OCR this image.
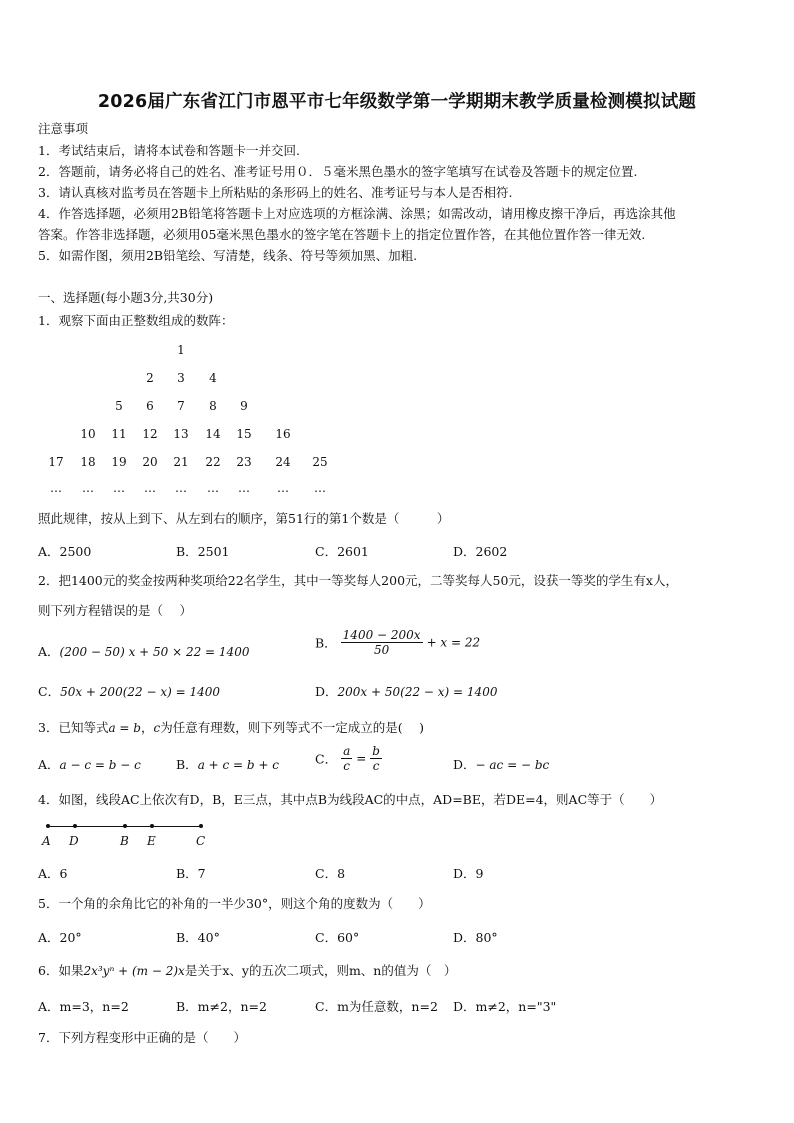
2026届广东省江门市恩平市七年级数学第一学期期末教学质量检测模拟试题
注意事项
1．考试结束后，请将本试卷和答题卡一并交回.
2．答题前，请务必将自己的姓名、准考证号用０．５毫米黑色墨水的签字笔填写在试卷及答题卡的规定位置.
3．请认真核对监考员在答题卡上所粘贴的条形码上的姓名、准考证号与本人是否相符.
4．作答选择题，必须用2B铅笔将答题卡上对应选项的方框涂满、涂黑；如需改动，请用橡皮擦干净后，再选涂其他
答案。作答非选择题，必须用05毫米黑色墨水的签字笔在答题卡上的指定位置作答，在其他位置作答一律无效.
5．如需作图，须用2B铅笔绘、写清楚，线条、符号等须加黑、加粗.
一、选择题(每小题3分,共30分)
1．观察下面由正整数组成的数阵：
1
2	3	4
5	6	7	8	9
10	11	12	13	14	15	16
17	18	19	20	21	22	23	24	25
…	…	…	…	…	…	…	…	…
照此规律，按从上到下、从左到右的顺序，第51行的第1个数是（　　　）
A．2500	B．2501	C．2601	D．2602
2．把1400元的奖金按两种奖项给22名学生，其中一等奖每人200元，二等奖每人50元，设获一等奖的学生有x人，
则下列方程错误的是（　 ）
A．(200 − 50) x + 50 × 22 = 1400
B． $\frac{1400 - 200x}{50} + x = 22$
C．50x + 200(22 − x) = 1400	D．200x + 50(22 − x) = 1400
3．已知等式a = b，c为任意有理数，则下列等式不一定成立的是(　 )
A．a − c = b − c	B．a + c = b + c	C． $\frac{a}{c} = \frac{b}{c}$	D．− ac = − bc
4．如图，线段AC上依次有D，B，E三点，其中点B为线段AC的中点，AD=BE，若DE=4，则AC等于（　　）
A D	B E	C
A．6	B．7	C．8	D．9
5．一个角的余角比它的补角的一半少30°，则这个角的度数为（　　）
A．20°	B．40°	C．60°	D．80°
6．如果2x³yⁿ + (m − 2)x是关于x、y的五次二项式，则m、n的值为（　）
A．m=3，n=2	B．m≠2，n=2	C．m为任意数，n=2 D．m≠2，n="3"
7．下列方程变形中正确的是（　　）
